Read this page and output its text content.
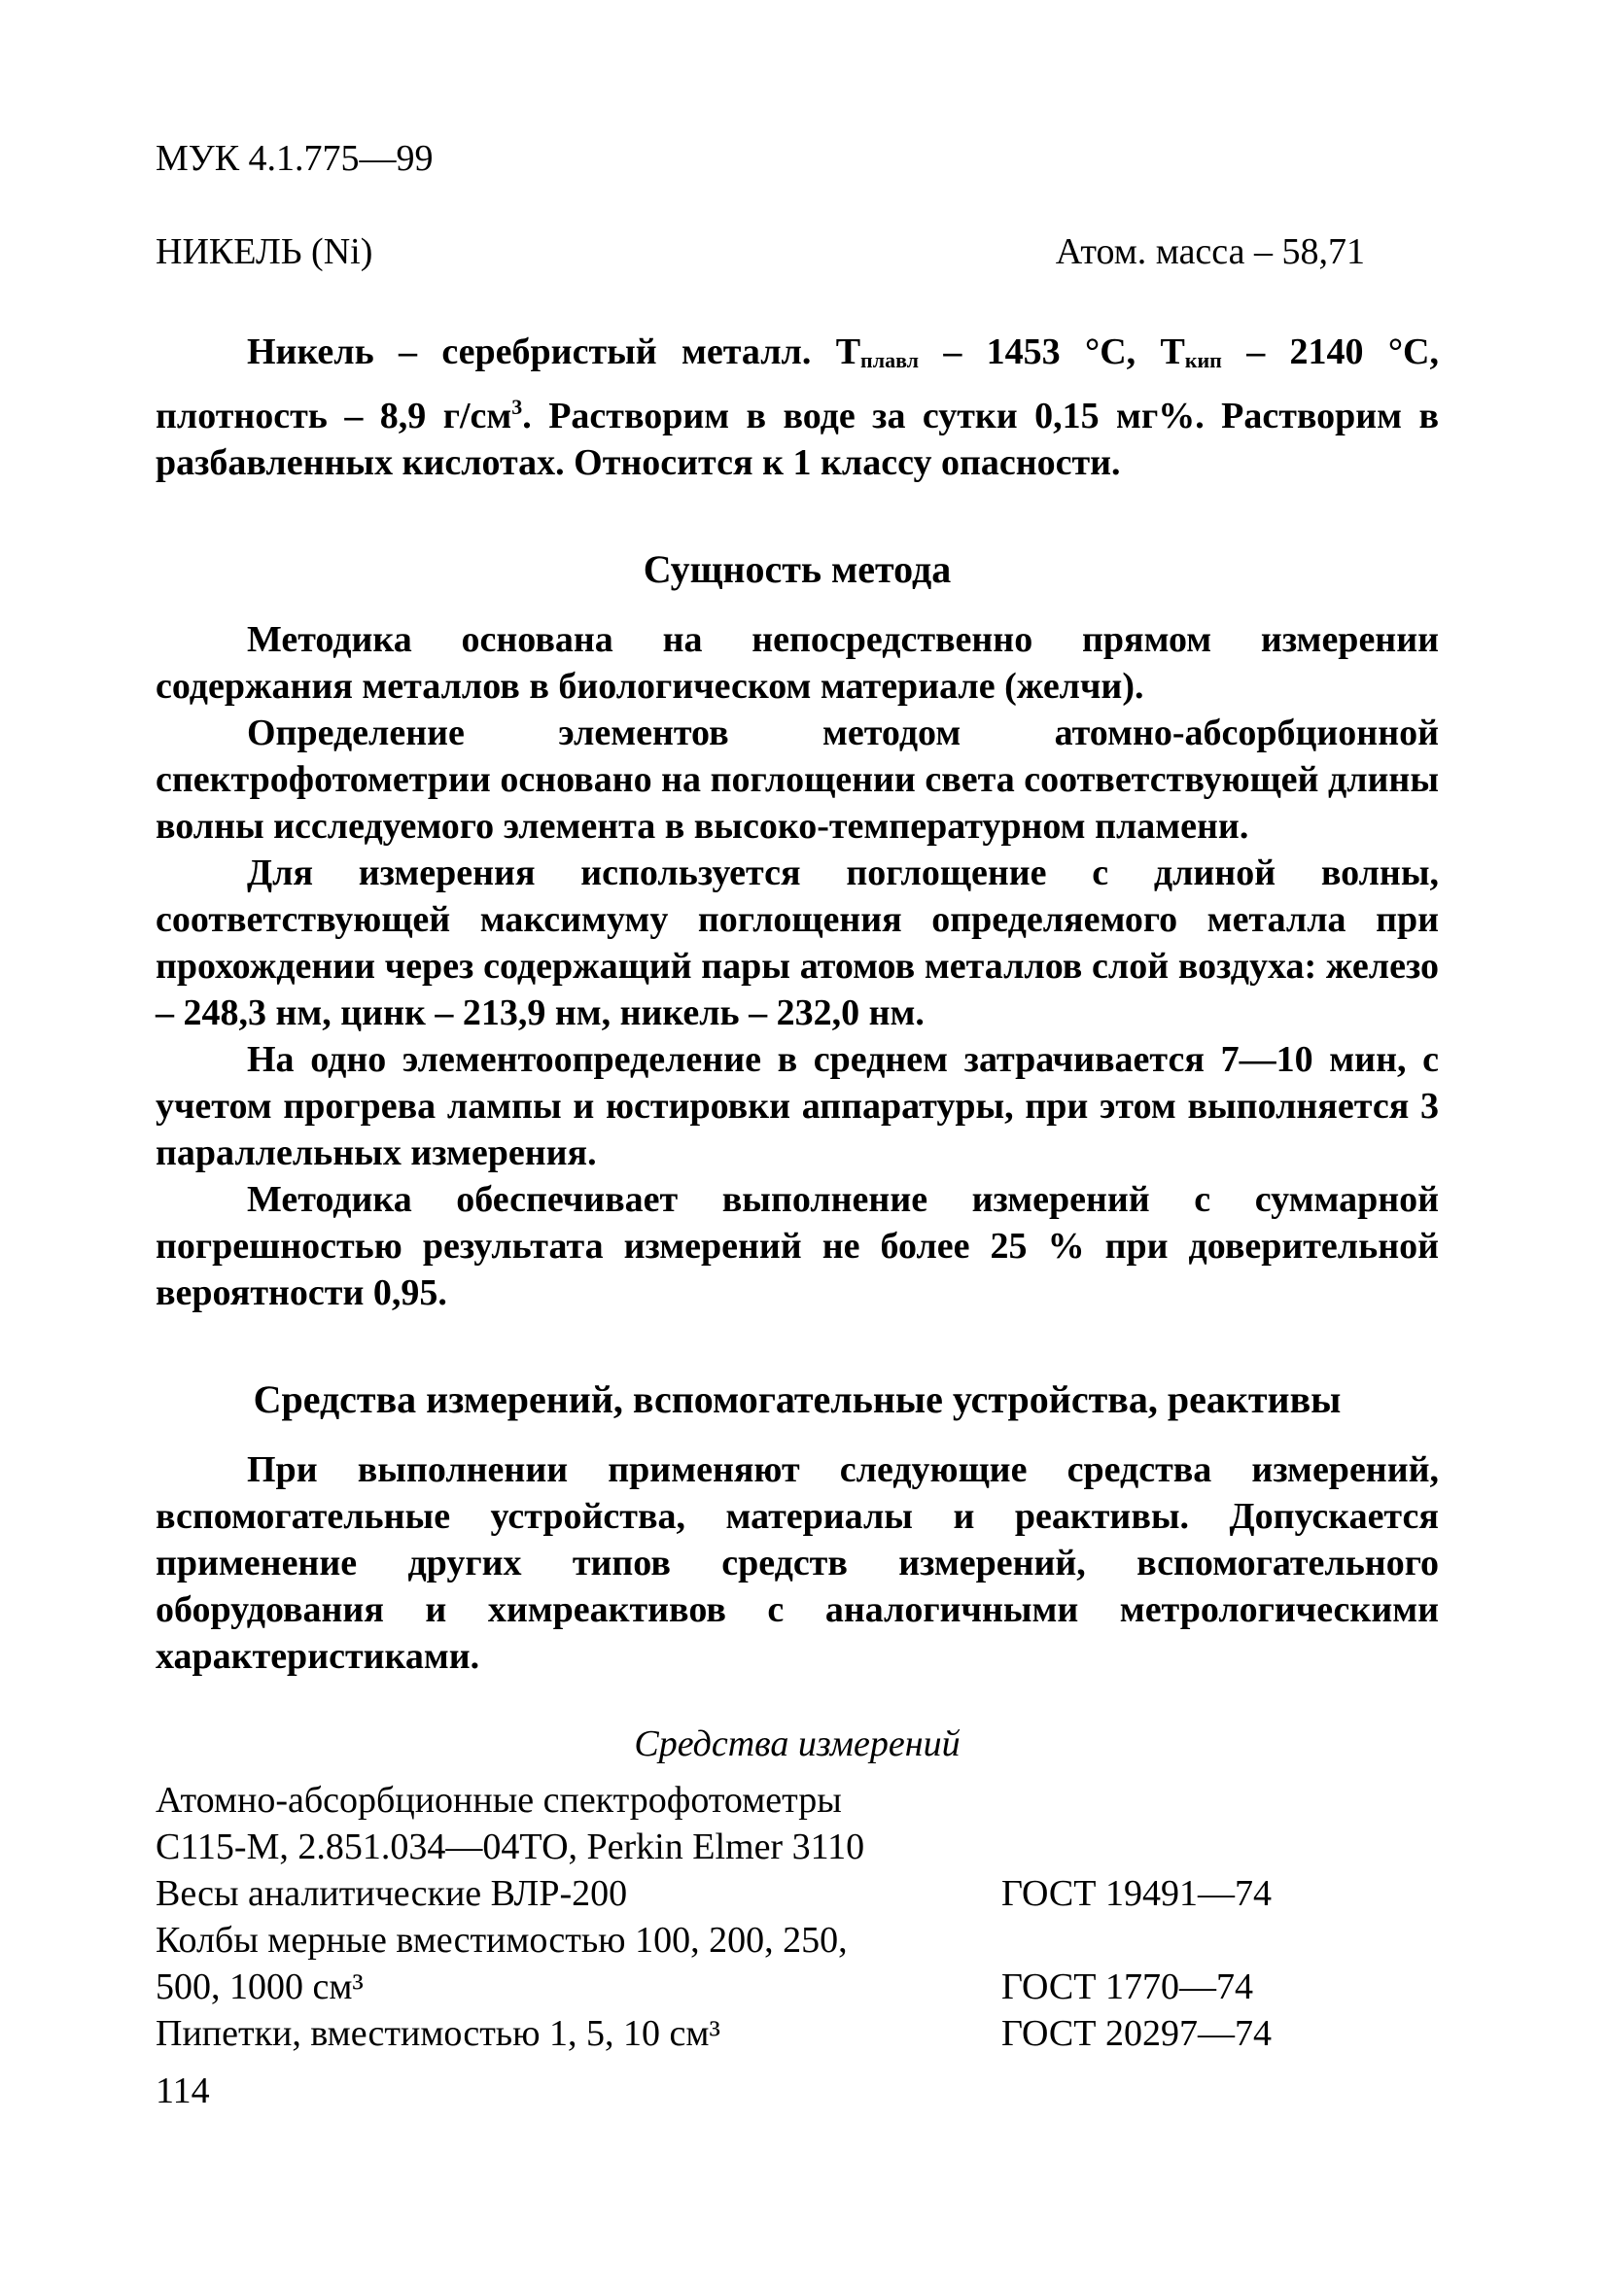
МУК 4.1.775—99

НИКЕЛЬ (Ni)	Атом. масса – 58,71

Никель – серебристый металл. Tплавл – 1453 °С, Tкип – 2140 °С, плотность – 8,9 $г/см^3$. Растворим в воде за сутки 0,15 мг%. Растворим в разбавленных кислотах. Относится к 1 классу опасности.

Сущность метода

Методика основана на непосредственно прямом измерении содержания металлов в биологическом материале (желчи).

Определение элементов методом атомно-абсорбционной спектрофотометрии основано на поглощении света соответствующей длины волны исследуемого элемента в высоко-температурном пламени.

Для измерения используется поглощение с длиной волны, соответствующей максимуму поглощения определяемого металла при прохождении через содержащий пары атомов металлов слой воздуха: железо – 248,3 нм, цинк – 213,9 нм, никель – 232,0 нм.

На одно элементоопределение в среднем затрачивается 7—10 мин, с учетом прогрева лампы и юстировки аппаратуры, при этом выполняется 3 параллельных измерения.

Методика обеспечивает выполнение измерений с суммарной погрешностью результата измерений не более 25 % при доверительной вероятности 0,95.

Средства измерений, вспомогательные устройства, реактивы

При выполнении применяют следующие средства измерений, вспомогательные устройства, материалы и реактивы. Допускается применение других типов средств измерений, вспомогательного оборудования и химреактивов с аналогичными метрологическими характеристиками.

Средства измерений
Атомно-абсорбционные спектрофотометры
С115-М, 2.851.034—04ТО, Perkin Elmer 3110
Весы аналитические ВЛР-200	ГОСТ 19491—74
Колбы мерные вместимостью 100, 200, 250,
500, 1000 см³	ГОСТ 1770—74
Пипетки, вместимостью 1, 5, 10 см³	ГОСТ 20297—74
114
